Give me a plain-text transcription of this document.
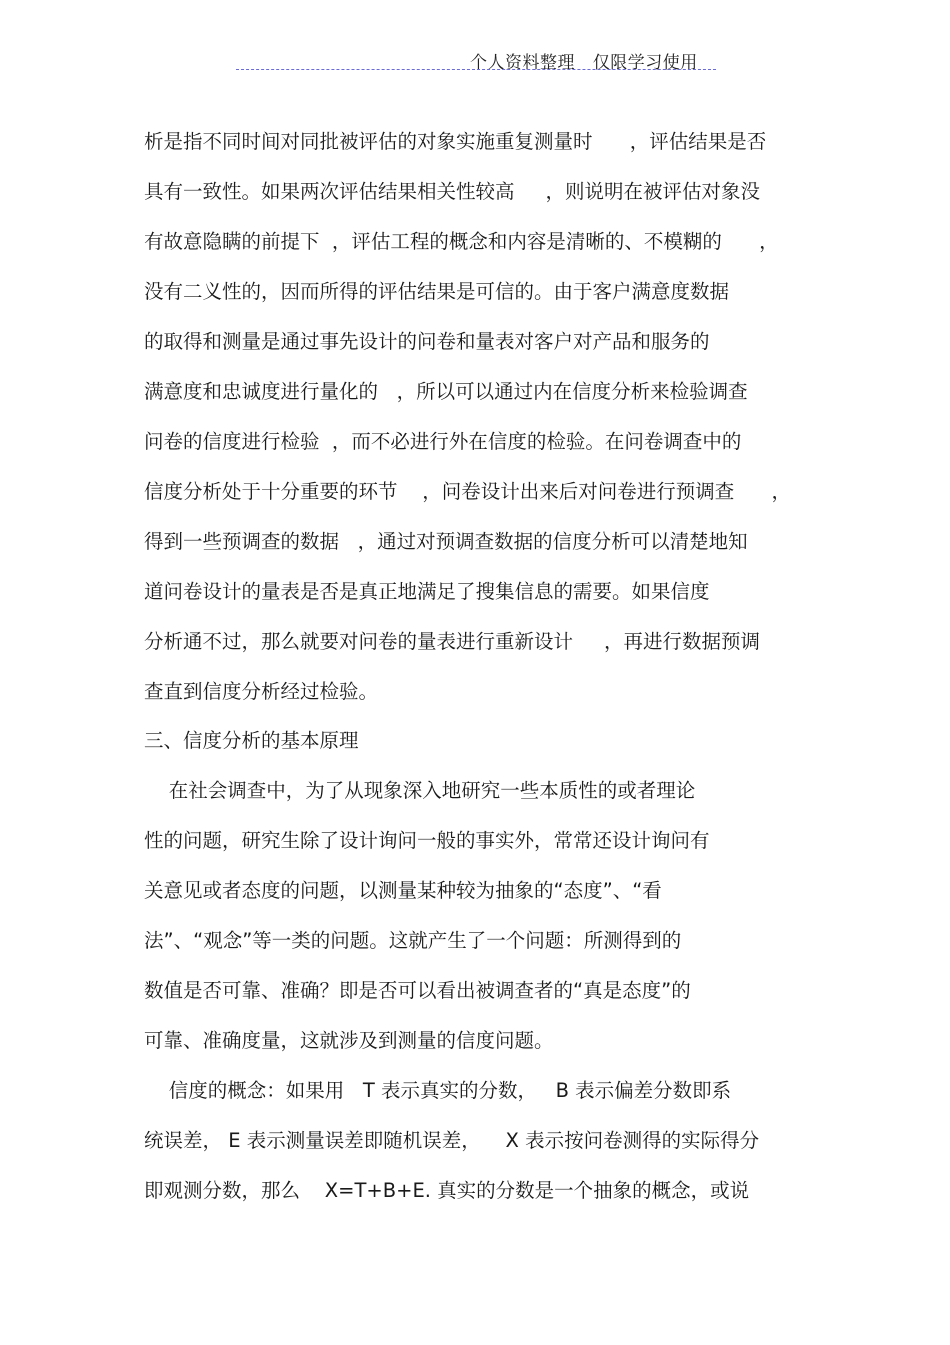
个人资料整理   仅限学习使用
析是指不同时间对同批被评估的对象实施重复测量时      ，评估结果是否
具有一致性。如果两次评估结果相关性较高     ，则说明在被评估对象没
有故意隐瞒的前提下  ，评估工程的概念和内容是清晰的、不模糊的      ，
没有二义性的，因而所得的评估结果是可信的。由于客户满意度数据
的取得和测量是通过事先设计的问卷和量表对客户对产品和服务的
满意度和忠诚度进行量化的   ，所以可以通过内在信度分析来检验调查
问卷的信度进行检验  ，而不必进行外在信度的检验。在问卷调查中的
信度分析处于十分重要的环节    ，问卷设计出来后对问卷进行预调查      ，
得到一些预调查的数据   ，通过对预调查数据的信度分析可以清楚地知
道问卷设计的量表是否是真正地满足了搜集信息的需要。如果信度
分析通不过，那么就要对问卷的量表进行重新设计     ，再进行数据预调
查直到信度分析经过检验。
三、信度分析的基本原理
在社会调查中，为了从现象深入地研究一些本质性的或者理论
性的问题，研究生除了设计询问一般的事实外，常常还设计询问有
关意见或者态度的问题，以测量某种较为抽象的“态度”、“看
法”、“观念”等一类的问题。这就产生了一个问题：所测得到的
数值是否可靠、准确？即是否可以看出被调查者的“真是态度”的
可靠、准确度量，这就涉及到测量的信度问题。
信度的概念：如果用   T 表示真实的分数，   B 表示偏差分数即系
统误差， E 表示测量误差即随机误差，    X 表示按问卷测得的实际得分
即观测分数，那么    X=T+B+E. 真实的分数是一个抽象的概念，或说
